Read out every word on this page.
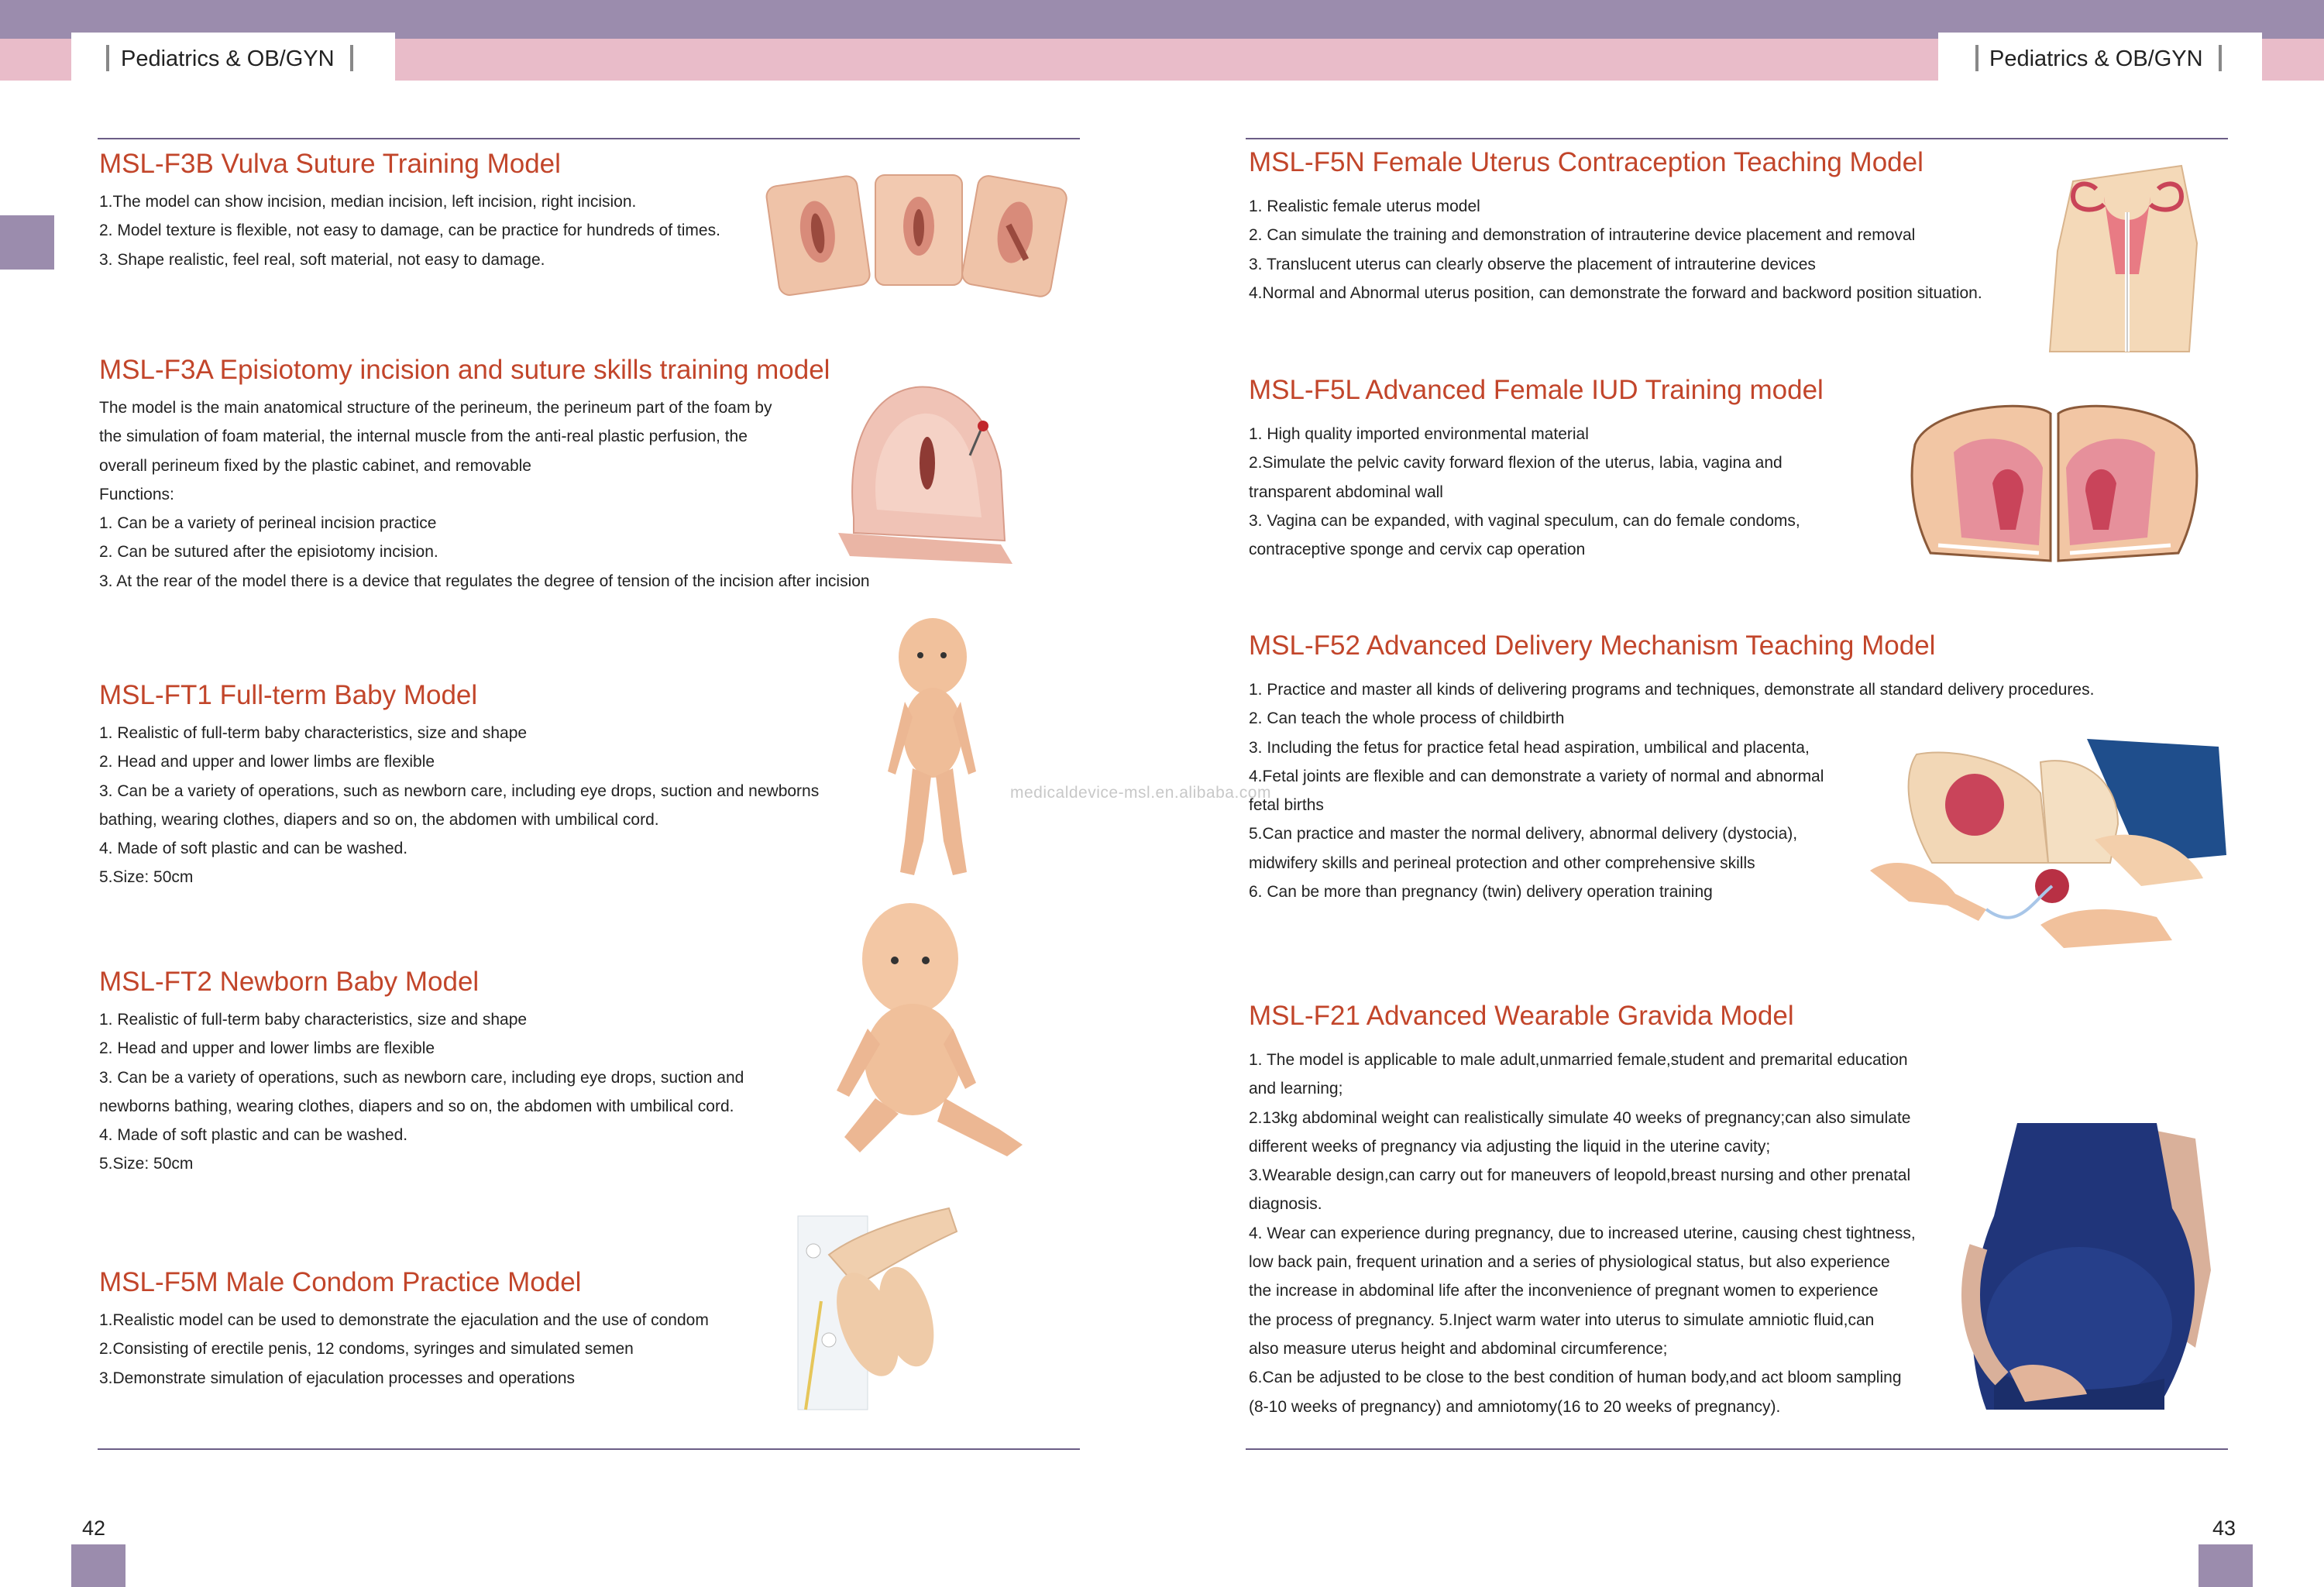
Pediatrics & OB/GYN	Pediatrics & OB/GYN
MSL-F3B Vulva Suture Training Model
1.The model can show incision, median incision, left incision, right incision.
2. Model texture is flexible, not easy to damage, can be practice for hundreds of times.
3. Shape realistic, feel real, soft material, not easy to damage.
MSL-F3A Episiotomy incision and suture skills training model
The model is the main anatomical structure of the perineum, the perineum part of the foam by
the simulation of foam material, the internal muscle from the anti-real plastic perfusion, the
overall perineum fixed by the plastic cabinet, and removable
Functions:
1. Can be a variety of perineal incision practice
2. Can be sutured after the episiotomy incision.
3. At the rear of the model there is a device that regulates the degree of tension of the incision after incision
MSL-FT1 Full-term Baby Model
1. Realistic of full-term baby characteristics, size and shape
2. Head and upper and lower limbs are flexible
3. Can be a variety of operations, such as newborn care, including eye drops, suction and newborns
bathing, wearing clothes, diapers and so on, the abdomen with umbilical cord.
4. Made of soft plastic and can be washed.
5.Size: 50cm
MSL-FT2 Newborn Baby Model
1. Realistic of full-term baby characteristics, size and shape
2. Head and upper and lower limbs are flexible
3. Can be a variety of operations, such as newborn care, including eye drops, suction and
newborns bathing, wearing clothes, diapers and so on, the abdomen with umbilical cord.
4. Made of soft plastic and can be washed.
5.Size: 50cm
MSL-F5M Male Condom Practice Model
1.Realistic model can be used to demonstrate the ejaculation and the use of condom
2.Consisting of erectile penis, 12 condoms, syringes and simulated semen
3.Demonstrate simulation of ejaculation processes and operations
medicaldevice-msl.en.alibaba.com
42
MSL-F5N Female Uterus Contraception Teaching Model
1. Realistic female uterus model
2. Can simulate the training and demonstration of intrauterine device placement and removal
3. Translucent uterus can clearly observe the placement of intrauterine devices
4.Normal and Abnormal uterus position, can demonstrate the forward and backword position situation.
MSL-F5L Advanced Female IUD Training model
1. High quality imported environmental material
2.Simulate the pelvic cavity forward flexion of the uterus, labia, vagina and
transparent abdominal wall
3. Vagina can be expanded, with vaginal speculum, can do female condoms,
contraceptive sponge and cervix cap operation
MSL-F52 Advanced Delivery Mechanism Teaching Model
1. Practice and master all kinds of delivering programs and techniques, demonstrate all standard delivery procedures.
2. Can teach the whole process of childbirth
3. Including the fetus for practice fetal head aspiration, umbilical and placenta,
4.Fetal joints are flexible and can demonstrate a variety of normal and abnormal
fetal births
5.Can practice and master the normal delivery, abnormal delivery (dystocia),
midwifery skills and perineal protection and other comprehensive skills
6. Can be more than pregnancy (twin) delivery operation training
MSL-F21 Advanced Wearable Gravida Model
1. The model is applicable to male adult,unmarried female,student and premarital education
and learning;
2.13kg abdominal weight can realistically simulate 40 weeks of pregnancy;can also simulate
different weeks of pregnancy via adjusting the liquid in the uterine cavity;
3.Wearable design,can carry out for maneuvers of leopold,breast nursing and other prenatal
diagnosis.
4. Wear can experience during pregnancy, due to increased uterine, causing chest tightness,
low back pain, frequent urination and a series of physiological status, but also experience
the increase in abdominal life after the inconvenience of pregnant women to experience
the process of pregnancy. 5.Inject warm water into uterus to simulate amniotic fluid,can
also measure uterus height and abdominal circumference;
6.Can be adjusted to be close to the best condition of human body,and act bloom sampling
(8-10 weeks of pregnancy) and amniotomy(16 to 20 weeks of pregnancy).
43
